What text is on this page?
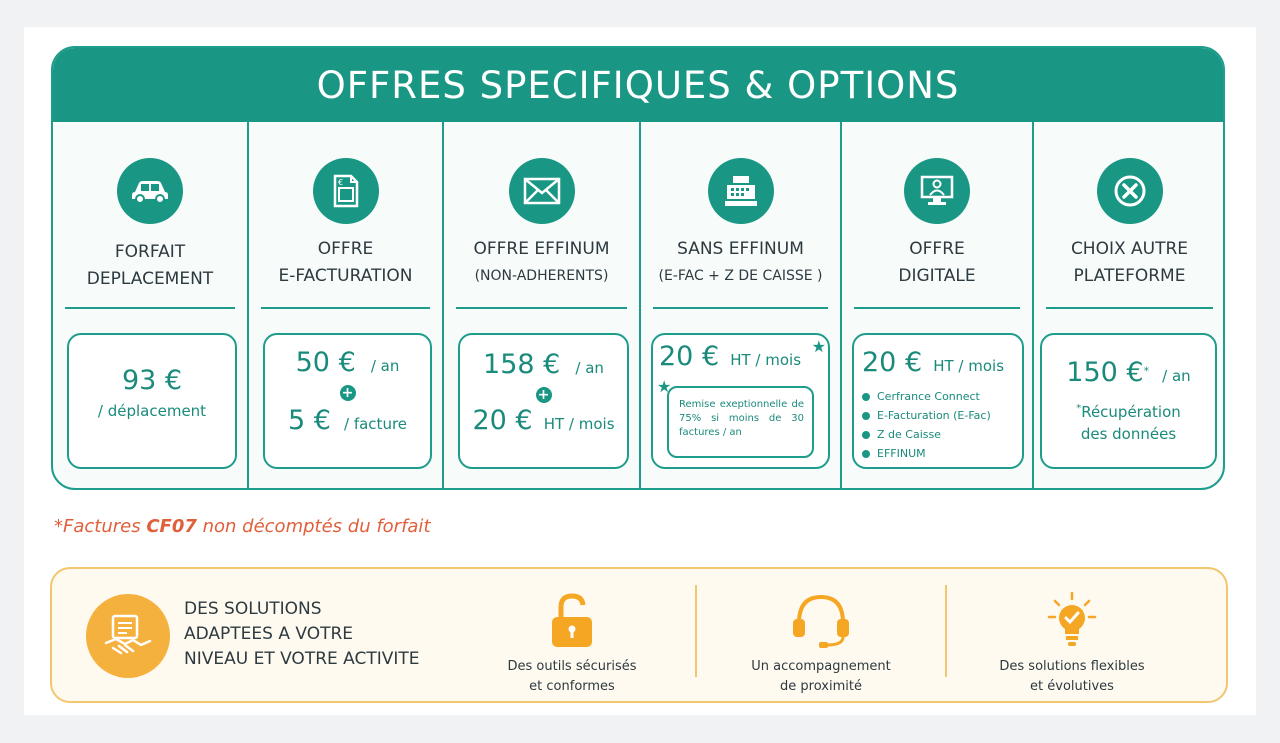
OFFRES SPECIFIQUES & OPTIONS
FORFAIT
DEPLACEMENT
93 €
/ déplacement
€
OFFRE
E-FACTURATION
50 € / an
+
5 € / facture
OFFRE EFFINUM
(NON-ADHERENTS)
158 € / an
+
20 € HT / mois
SANS EFFINUM
(E-FAC + Z DE CAISSE )
20 € HT / mois
★
★
Remise exeptionnelle de 75% si moins de 30 factures / an
OFFRE
DIGITALE
20 € HT / mois
Cerfrance Connect
E-Facturation (E-Fac)
Z de Caisse
EFFINUM
CHOIX AUTRE
PLATEFORME
150 €* / an
*Récupération
des données
*Factures CF07 non décomptés du forfait
DES SOLUTIONS
ADAPTEES A VOTRE
NIVEAU ET VOTRE ACTIVITE	Des outils sécurisés
et conformes
Un accompagnement
de proximité
Des solutions flexibles
et évolutives
